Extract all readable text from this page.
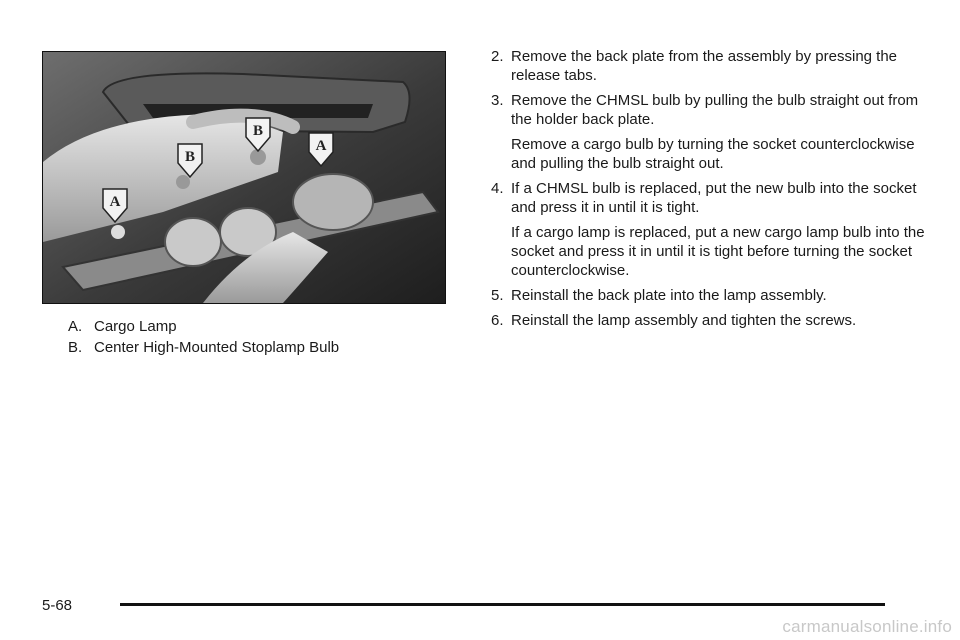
A
B
B
A
A. Cargo Lamp
B. Center High-Mounted Stoplamp Bulb
2. Remove the back plate from the assembly by pressing the release tabs.

3. Remove the CHMSL bulb by pulling the bulb straight out from the holder back plate.

Remove a cargo bulb by turning the socket counterclockwise and pulling the bulb straight out.

4. If a CHMSL bulb is replaced, put the new bulb into the socket and press it in until it is tight.

If a cargo lamp is replaced, put a new cargo lamp bulb into the socket and press it in until it is tight before turning the socket counterclockwise.

5. Reinstall the back plate into the lamp assembly.

6. Reinstall the lamp assembly and tighten the screws.

5-68
carmanualsonline.info
